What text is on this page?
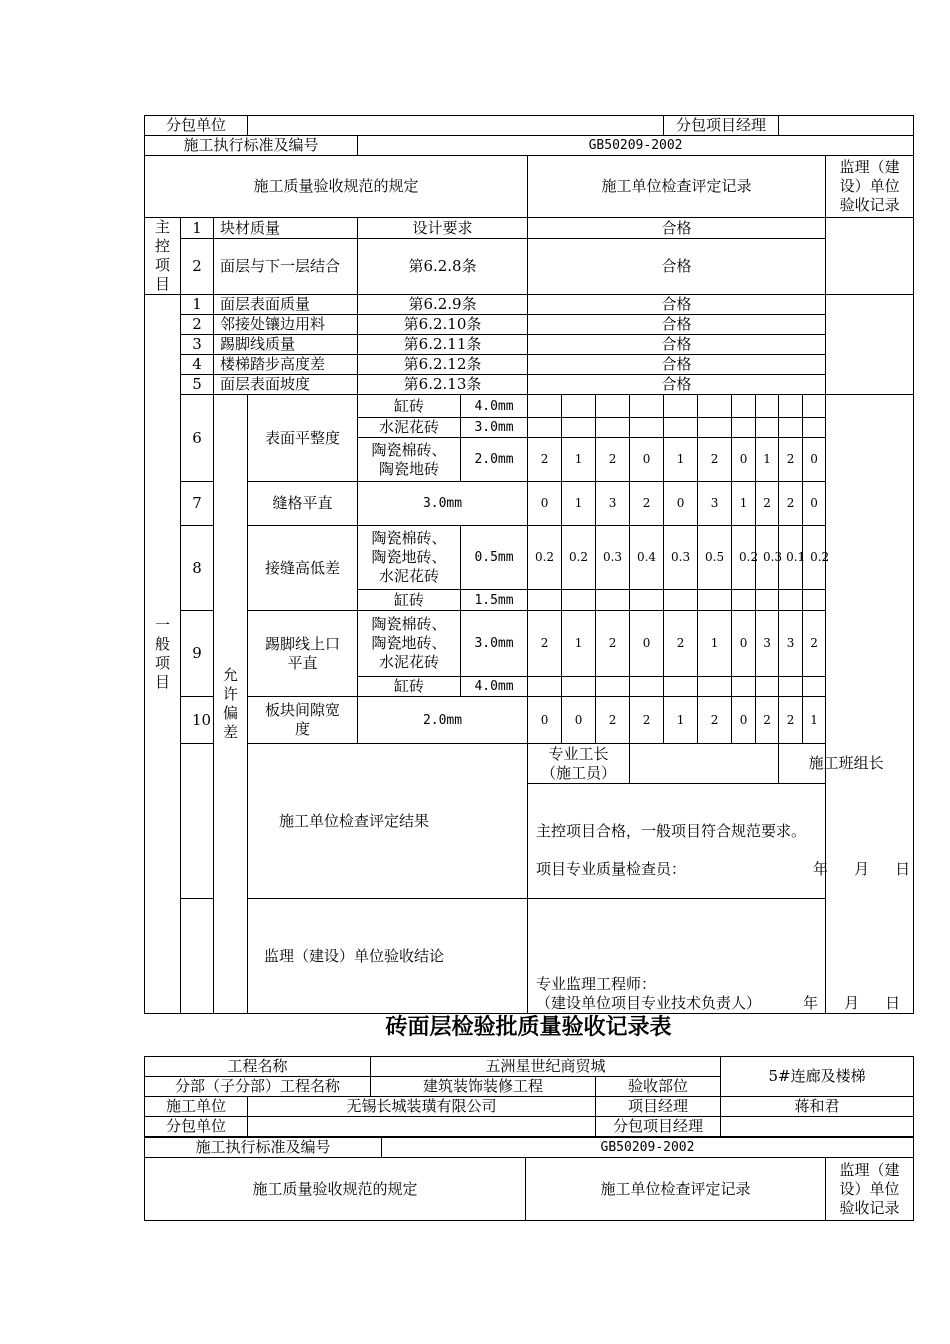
分包单位										分包项目经理							
施工执行标准及编号				GB50209-2002													
施工质量验收规范的规定						施工单位检查评定记录										监理（建设）单位验收记录	
主控项目	1	块材质量		设计要求		合格											
	2	面层与下一层结合		第6.2.8条		合格											
一般项目	1	面层表面质量		第6.2.9条		合格											
	2	邻接处镶边用料		第6.2.10条		合格											
	3	踢脚线质量		第6.2.11条		合格											
	4	楼梯踏步高度差		第6.2.12条		合格											
	5	面层表面坡度		第6.2.13条		合格											
	6	允许偏差	表面平整度	缸砖	4.0mm												
				水泥花砖	3.0mm												
				陶瓷棉砖、陶瓷地砖	2.0mm	2	1	2	0	1	2	0	1	2	0		
	7		缝格平直	3.0mm		0	1	3	2	0	3	1	2	2	0		
	8		接缝高低差	陶瓷棉砖、陶瓷地砖、水泥花砖	0.5mm	0.2	0.2	0.3	0.4	0.3	0.5	0.2	0.3	0.1	0.2		
				缸砖	1.5mm												
	9		踢脚线上口平直	陶瓷棉砖、陶瓷地砖、水泥花砖	3.0mm	2	1	2	0	2	1	0	3	3	2		
				缸砖	4.0mm												
	10		板块间隙宽度	2.0mm		0	0	2	2	1	2	0	2	2	1		
	施工单位检查评定结果					专业工长（施工员）								施工班组长			

						主控项目合格，一般项目符合规范要求。
项目专业质量检查员： 年 月 日											

	监理（建设）单位验收结论					专业监理工程师：
（建设单位项目专业技术负责人） 年 月 日											
砖面层检验批质量验收记录表
工程名称		五洲星世纪商贸城		5#连廊及楼梯
分部（子分部）工程名称		建筑装饰装修工程	验收部位	
施工单位	无锡长城装璜有限公司		项目经理	蒋和君
分包单位			分包项目经理	
施工执行标准及编号	GB50209-2002		
施工质量验收规范的规定		施工单位检查评定记录	监理（建设）单位验收记录
